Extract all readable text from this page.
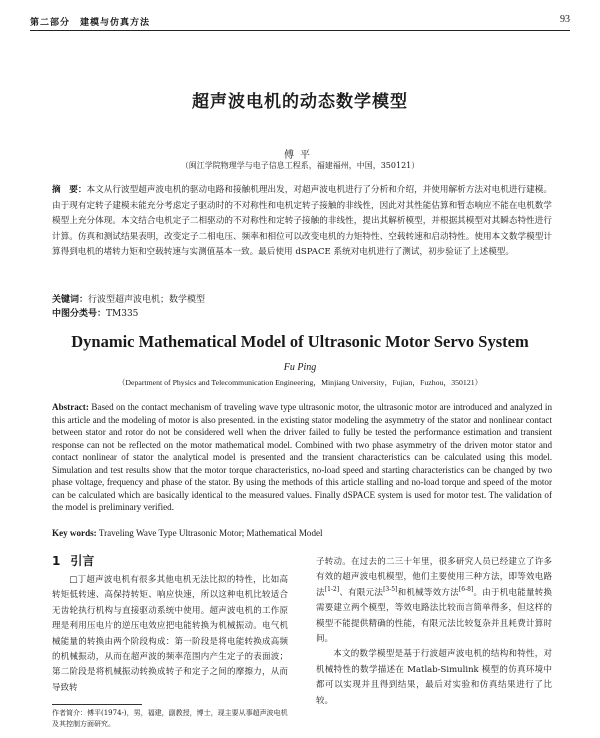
第二部分　建模与仿真方法	93
超声波电机的动态数学模型
傅平
（闽江学院物理学与电子信息工程系，福建福州，中国，350121）
摘　要：本文从行波型超声波电机的驱动电路和接触机理出发，对超声波电机进行了分析和介绍，并使用解析方法对电机进行建模。由于现有定转子建模未能充分考虑定子驱动时的不对称性和电机定转子接触的非线性，因此对其性能估算和暂态响应不能在电机数学模型上充分体现。本文结合电机定子二相驱动的不对称性和定转子接触的非线性，提出其解析模型，并根据其模型对其瞬态特性进行计算。仿真和测试结果表明，改变定子二相电压、频率和相位可以改变电机的力矩特性、空载转速和启动特性。使用本文数学模型计算得到电机的堵转力矩和空载转速与实测值基本一致。最后使用 dSPACE 系统对电机进行了测试，初步验证了上述模型。
关键词：行波型超声波电机；数学模型
中图分类号：TM335
Dynamic Mathematical Model of Ultrasonic Motor Servo System
Fu Ping
（Department of Physics and Telecommunication Engineering，Minjiang University，Fujian，Fuzhou，350121）
Abstract: Based on the contact mechanism of traveling wave type ultrasonic motor, the ultrasonic motor are introduced and analyzed in this article and the modeling of motor is also presented. in the existing stator modeling the asymmetry of the stator and nonlinear contact between stator and rotor do not be considered well when the driver failed to fully be tested the performance estimation and transient response can not be reflected on the motor mathematical model. Combined with two phase asymmetry of the driven motor stator and contact nonlinear of stator the analytical model is presented and the transient characteristics can be calculated using this model. Simulation and test results show that the motor torque characteristics, no-load speed and starting characteristics can be changed by two phase voltage, frequency and phase of the stator. By using the methods of this article stalling and no-load torque and speed of the motor can be calculated which are basically identical to the measured values. Finally dSPACE system is used for motor test. The validation of the model is preliminary verified.
Key words: Traveling Wave Type Ultrasonic Motor; Mathematical Model
1 引言
□丁超声波电机有很多其他电机无法比拟的特性，比如高转矩低转速、高保持转矩、响应快速，所以这种电机比较适合无齿轮执行机构与直接驱动系统中使用。超声波电机的工作原理是利用压电片的逆压电效应把电能转换为机械振动。电气机械能量的转换由两个阶段构成：第一阶段是将电能转换成高频的机械振动，从而在超声波的频率范围内产生定子的表面波；第二阶段是将机械振动转换成转子和定子之间的摩擦力，从而导致转
子转动。在过去的二三十年里，很多研究人员已经建立了许多有效的超声波电机模型，他们主要使用三种方法，即等效电路法[1-2]、有限元法[3-5]和机械等效方法[6-8]。由于机电能量转换需要建立两个模型，等效电路法比较而言简单得多，但这样的模型不能提供精确的性能，有限元法比较复杂并且耗费计算时间。
本文的数学模型是基于行波超声波电机的结构和特性，对机械特性的数学描述在 Matlab-Simulink 模型的仿真环境中都可以实现并且得到结果，最后对实验和仿真结果进行了比较。
作者简介：傅平(1974-)，男，福建，副教授，博士，现主要从事超声波电机及其控制方面研究。
